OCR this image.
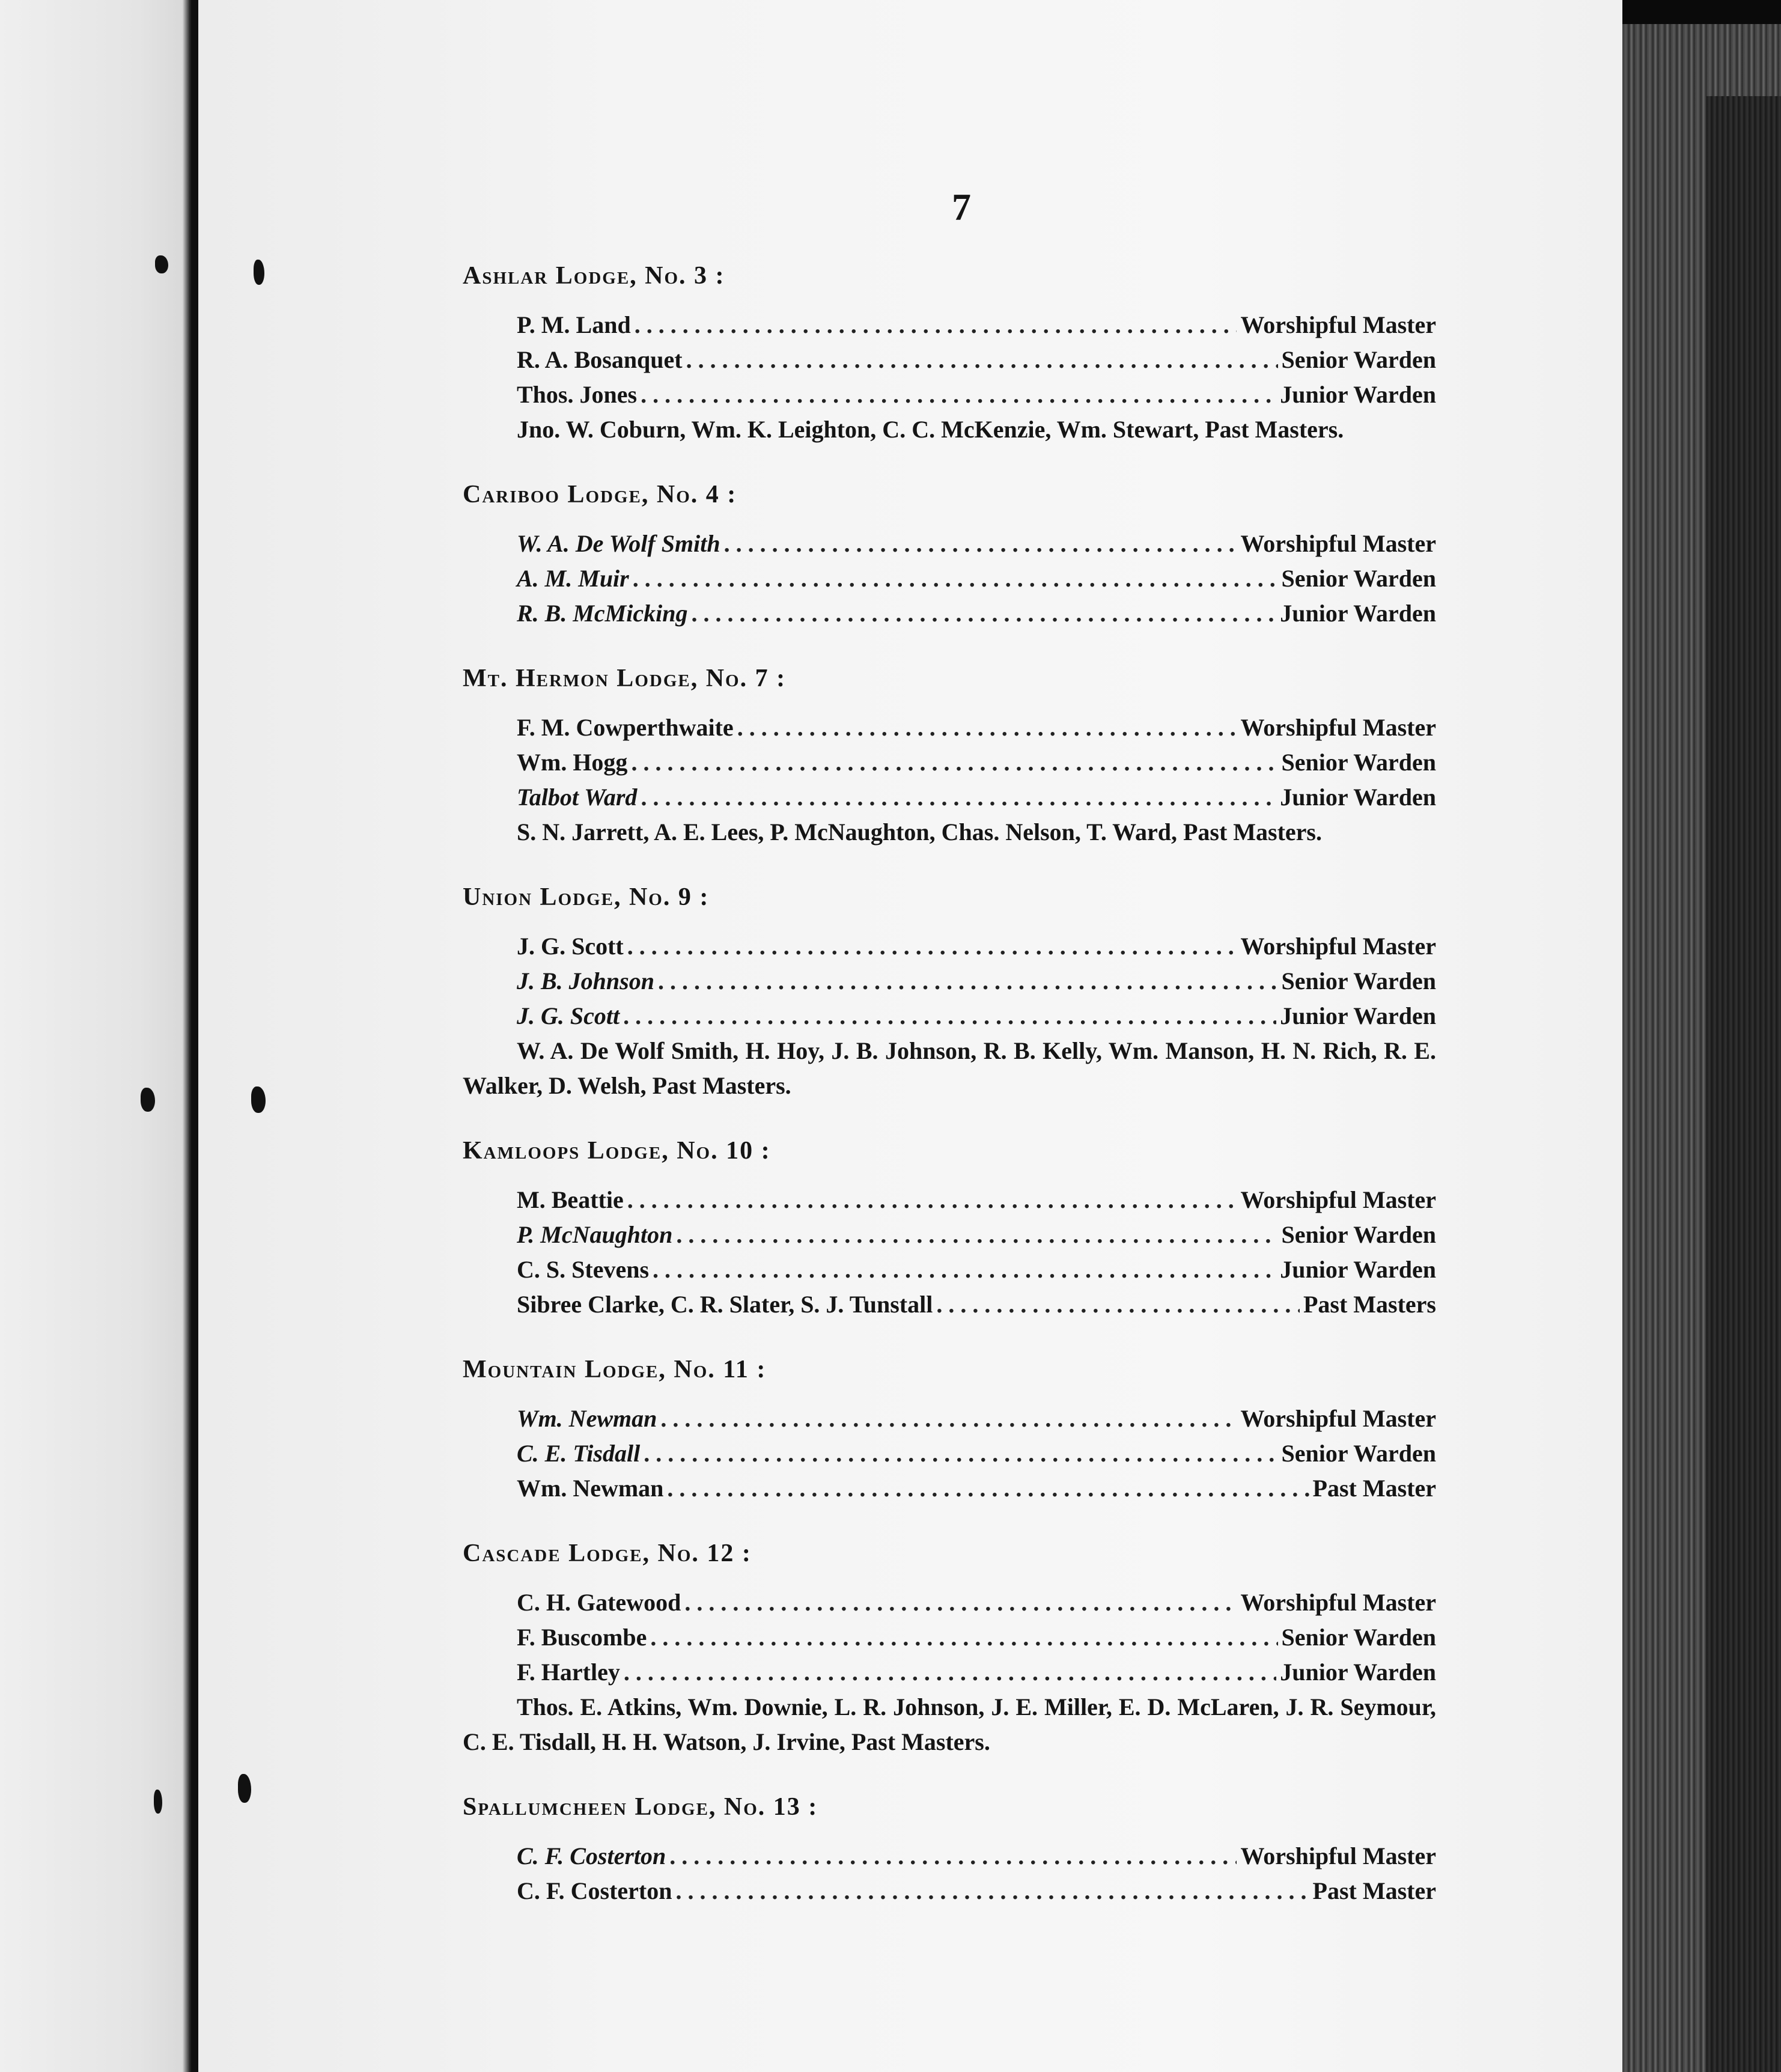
7
Ashlar Lodge, No. 3 :
P. M. Land . . .	Worshipful Master
R. A. Bosanquet . . .	Senior Warden
Thos. Jones . . .	Junior Warden
Jno. W. Coburn, Wm. K. Leighton, C. C. McKenzie, Wm. Stewart, Past Masters.
Cariboo Lodge, No. 4 :
W. A. De Wolf Smith . . .	Worshipful Master
A. M. Muir . . .	Senior Warden
R. B. McMicking . . .	Junior Warden
Mt. Hermon Lodge, No. 7 :
F. M. Cowperthwaite . . .	Worshipful Master
Wm. Hogg . . .	Senior Warden
Talbot Ward . . .	Junior Warden
S. N. Jarrett, A. E. Lees, P. McNaughton, Chas. Nelson, T. Ward, Past Masters.
Union Lodge, No. 9 :
J. G. Scott . . .	Worshipful Master
J. B. Johnson . . .	Senior Warden
J. G. Scott . . .	Junior Warden
W. A. De Wolf Smith, H. Hoy, J. B. Johnson, R. B. Kelly, Wm. Manson, H. N. Rich, R. E. Walker, D. Welsh, Past Masters.
Kamloops Lodge, No. 10 :
M. Beattie . . .	Worshipful Master
P. McNaughton . . .	Senior Warden
C. S. Stevens . . .	Junior Warden
Sibree Clarke, C. R. Slater, S. J. Tunstall . . .	Past Masters
Mountain Lodge, No. 11 :
Wm. Newman . . .	Worshipful Master
C. E. Tisdall . . .	Senior Warden
Wm. Newman . . .	Past Master
Cascade Lodge, No. 12 :
C. H. Gatewood . . .	Worshipful Master
F. Buscombe . . .	Senior Warden
F. Hartley . . .	Junior Warden
Thos. E. Atkins, Wm. Downie, L. R. Johnson, J. E. Miller, E. D. McLaren, J. R. Seymour, C. E. Tisdall, H. H. Watson, J. Irvine, Past Masters.
Spallumcheen Lodge, No. 13 :
C. F. Costerton . . .	Worshipful Master
C. F. Costerton . . .	Past Master
